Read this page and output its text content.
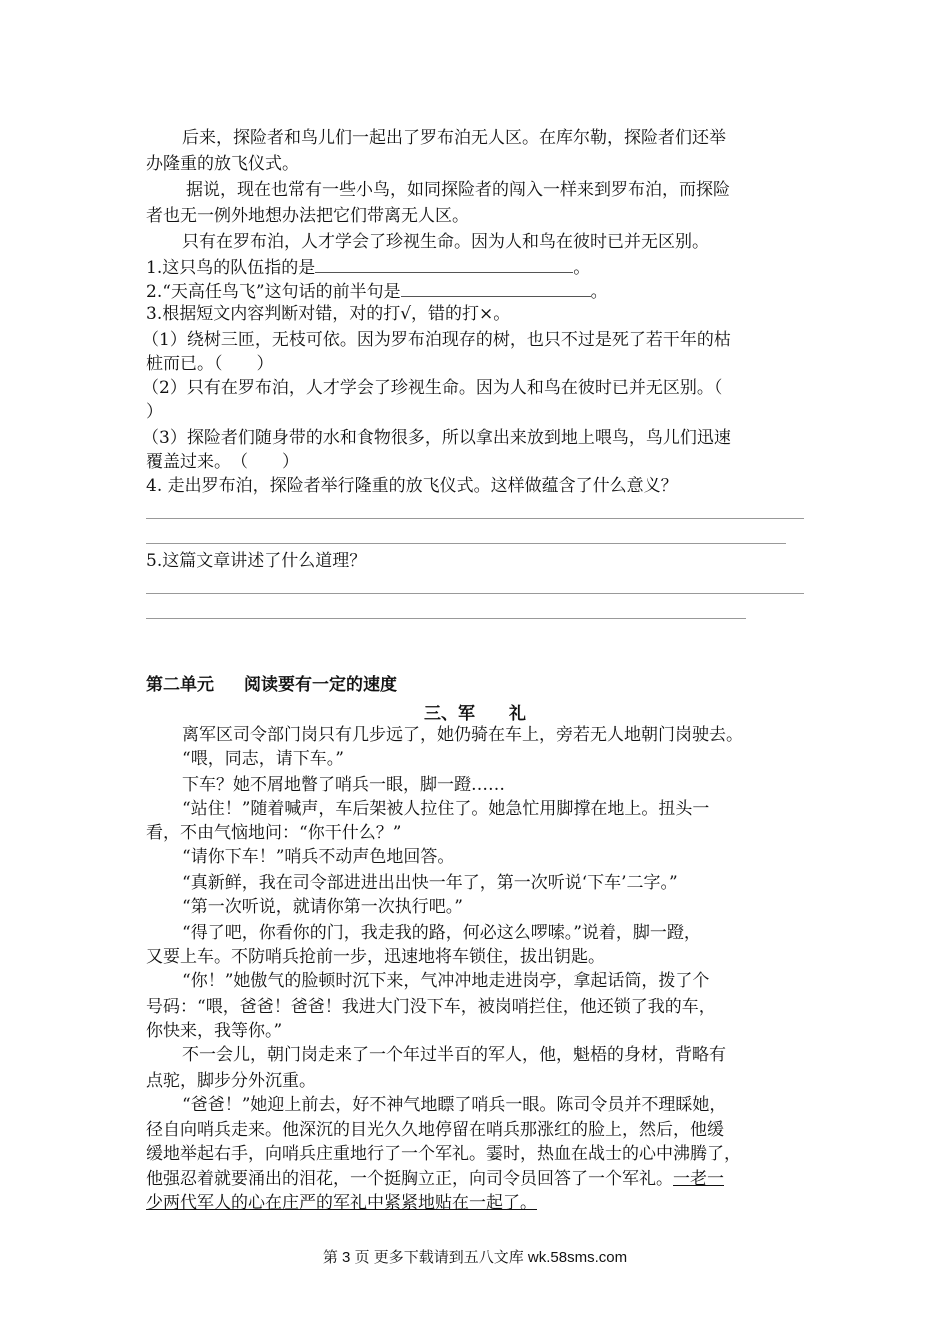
后来，探险者和鸟儿们一起出了罗布泊无人区。在库尔勒，探险者们还举
办隆重的放飞仪式。
据说，现在也常有一些小鸟，如同探险者的闯入一样来到罗布泊，而探险
者也无一例外地想办法把它们带离无人区。
只有在罗布泊，人才学会了珍视生命。因为人和鸟在彼时已并无区别。
1.这只鸟的队伍指的是	。
2.“天高任鸟飞”这句话的前半句是	。
3.根据短文内容判断对错，对的打√，错的打×。
（1）绕树三匝，无枝可依。因为罗布泊现存的树，也只不过是死了若干年的枯
桩而已。（　　）
（2）只有在罗布泊，人才学会了珍视生命。因为人和鸟在彼时已并无区别。（
）
（3）探险者们随身带的水和食物很多，所以拿出来放到地上喂鸟，鸟儿们迅速
覆盖过来。　（　　）
4. 走出罗布泊，探险者举行隆重的放飞仪式。这样做蕴含了什么意义？
5.这篇文章讲述了什么道理？
第二单元 阅读要有一定的速度
三、军　　礼
离军区司令部门岗只有几步远了，她仍骑在车上，旁若无人地朝门岗驶去。
“喂，同志，请下车。”
下车？她不屑地瞥了哨兵一眼，脚一蹬……
“站住！”随着喊声，车后架被人拉住了。她急忙用脚撑在地上。扭头一
看，不由气恼地问：“你干什么？”
“请你下车！”哨兵不动声色地回答。
“真新鲜，我在司令部进进出出快一年了，第一次听说‘下车’二字。”
“第一次听说，就请你第一次执行吧。”
“得了吧，你看你的门，我走我的路，何必这么啰嗦。”说着，脚一蹬，
又要上车。不防哨兵抢前一步，迅速地将车锁住，拔出钥匙。
“你！”她傲气的脸顿时沉下来，气冲冲地走进岗亭，拿起话筒，拨了个
号码：“喂，爸爸！爸爸！我进大门没下车，被岗哨拦住，他还锁了我的车，
你快来，我等你。”
不一会儿，朝门岗走来了一个年过半百的军人，他，魁梧的身材，背略有
点驼，脚步分外沉重。
“爸爸！”她迎上前去，好不神气地瞟了哨兵一眼。陈司令员并不理睬她，
径自向哨兵走来。他深沉的目光久久地停留在哨兵那涨红的脸上，然后，他缓
缓地举起右手，向哨兵庄重地行了一个军礼。霎时，热血在战士的心中沸腾了，
他强忍着就要涌出的泪花，一个挺胸立正，向司令员回答了一个军礼。一老一
少两代军人的心在庄严的军礼中紧紧地贴在一起了。
第 3 页 更多下载请到五八文库 wk.58sms.com
